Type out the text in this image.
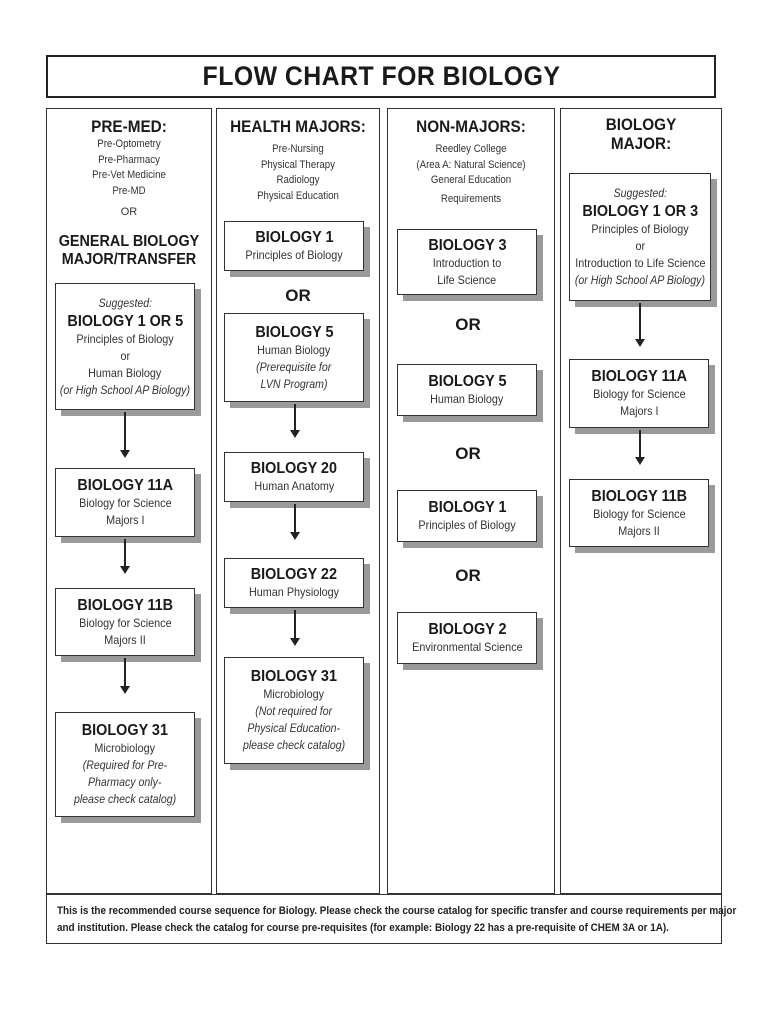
FLOW CHART FOR BIOLOGY
PRE-MED:
Pre-Optometry
Pre-Pharmacy
Pre-Vet Medicine
Pre-MD
OR
GENERAL BIOLOGY
MAJOR/TRANSFER
Suggested:
BIOLOGY 1 OR 5
Principles of Biology
or
Human Biology
(or High School AP Biology)
BIOLOGY 11A
Biology for Science
Majors I
BIOLOGY 11B
Biology for Science
Majors II
BIOLOGY 31
Microbiology
(Required for Pre-
Pharmacy only-
please check catalog)
HEALTH MAJORS:
Pre-Nursing
Physical Therapy
Radiology
Physical Education
BIOLOGY 1
Principles of Biology
OR
BIOLOGY 5
Human Biology
(Prerequisite for
LVN Program)
BIOLOGY 20
Human Anatomy
BIOLOGY 22
Human Physiology
BIOLOGY 31
Microbiology
(Not required for
Physical Education-
please check catalog)
NON-MAJORS:
Reedley College
(Area A: Natural Science)
General Education
Requirements
BIOLOGY 3
Introduction to
Life Science
OR
BIOLOGY 5
Human Biology
OR
BIOLOGY 1
Principles of Biology
OR
BIOLOGY 2
Environmental Science
BIOLOGY
MAJOR:
Suggested:
BIOLOGY 1 OR 3
Principles of Biology
or
Introduction to Life Science
(or High School AP Biology)
BIOLOGY 11A
Biology for Science
Majors I
BIOLOGY 11B
Biology for Science
Majors II
This is the recommended course sequence for Biology. Please check the course catalog for specific transfer and course requirements per major
and institution. Please check the catalog for course pre-requisites (for example: Biology 22 has a pre-requisite of CHEM 3A or 1A).
